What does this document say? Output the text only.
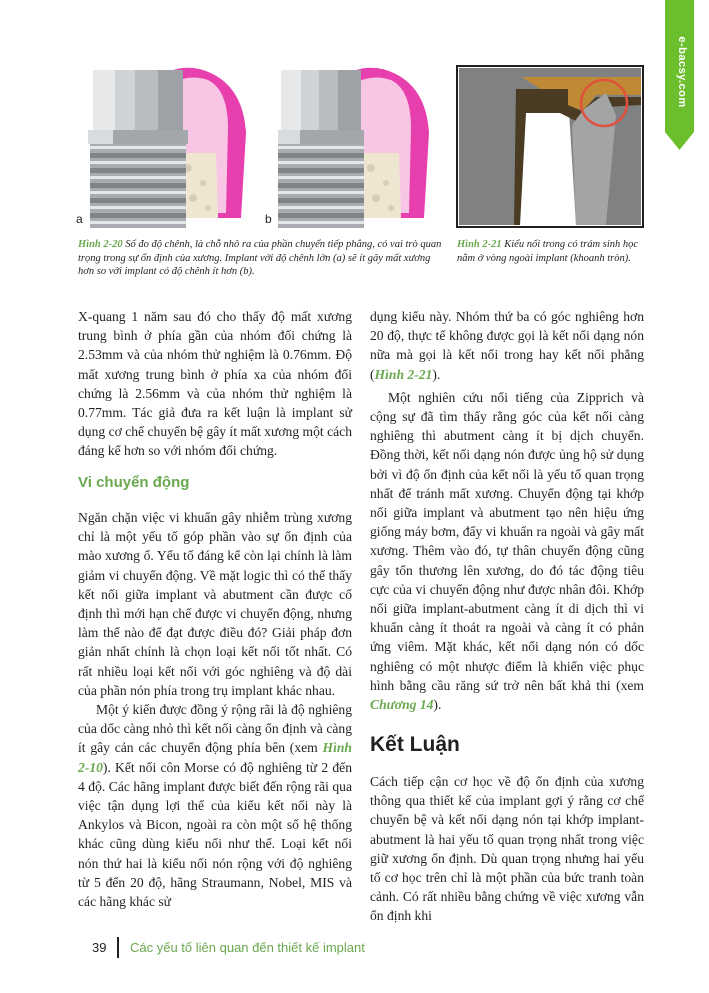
e-bacsy.com
a	b
Hình 2-20 Số đo độ chênh, là chỗ nhô ra của phần chuyển tiếp phẳng, có vai trò quan trọng trong sự ổn định của xương. Implant với độ chênh lớn (a) sẽ ít gây mất xương hơn so với implant có độ chênh ít hơn (b).
Hình 2-21 Kiểu nối trong có trám sinh học nằm ở vòng ngoài implant (khoanh tròn).

X-quang 1 năm sau đó cho thấy độ mất xương trung bình ở phía gần của nhóm đối chứng là 2.53mm và của nhóm thử nghiệm là 0.76mm. Độ mất xương trung bình ở phía xa của nhóm đối chứng là 2.56mm và của nhóm thử nghiệm là 0.77mm. Tác giả đưa ra kết luận là implant sử dụng cơ chế chuyển bệ gây ít mất xương một cách đáng kể hơn so với nhóm đối chứng.

Vi chuyển động

Ngăn chặn việc vi khuẩn gây nhiễm trùng xương chỉ là một yếu tố góp phần vào sự ổn định của mào xương ổ. Yếu tố đáng kể còn lại chính là làm giảm vi chuyển động. Về mặt logic thì có thể thấy kết nối giữa implant và abutment cần được cố định thì mới hạn chế được vi chuyển động, nhưng làm thế nào để đạt được điều đó? Giải pháp đơn giản nhất chính là chọn loại kết nối tốt nhất. Có rất nhiều loại kết nối với góc nghiêng và độ dài của phần nón phía trong trụ implant khác nhau.

Một ý kiến được đồng ý rộng rãi là độ nghiêng của dốc càng nhỏ thì kết nối càng ổn định và càng ít gây cản các chuyển động phía bên (xem Hình 2-10). Kết nối côn Morse có độ nghiêng từ 2 đến 4 độ. Các hãng implant được biết đến rộng rãi qua việc tận dụng lợi thế của kiểu kết nối này là Ankylos và Bicon, ngoài ra còn một số hệ thống khác cũng dùng kiểu nối như thế. Loại kết nối nón thứ hai là kiểu nối nón rộng với độ nghiêng từ 5 đến 20 độ, hãng Straumann, Nobel, MIS và các hãng khác sử

dụng kiểu này. Nhóm thứ ba có góc nghiêng hơn 20 độ, thực tế không được gọi là kết nối dạng nón nữa mà gọi là kết nối trong hay kết nối phẳng (Hình 2-21).

Một nghiên cứu nổi tiếng của Zipprich và cộng sự đã tìm thấy rằng góc của kết nối càng nghiêng thì abutment càng ít bị dịch chuyển. Đồng thời, kết nối dạng nón được ủng hộ sử dụng bởi vì độ ổn định của kết nối là yếu tố quan trọng nhất để tránh mất xương. Chuyển động tại khớp nối giữa implant và abutment tạo nên hiệu ứng giống máy bơm, đẩy vi khuẩn ra ngoài và gây mất xương. Thêm vào đó, tự thân chuyển động cũng gây tổn thương lên xương, do đó tác động tiêu cực của vi chuyển động như được nhân đôi. Khớp nối giữa implant-abutment càng ít di dịch thì vi khuẩn càng ít thoát ra ngoài và càng ít có phản ứng viêm. Mặt khác, kết nối dạng nón có dốc nghiêng có một nhược điểm là khiến việc phục hình bằng cầu răng sứ trở nên bất khả thi (xem Chương 14).

Kết Luận

Cách tiếp cận cơ học về độ ổn định của xương thông qua thiết kế của implant gợi ý rằng cơ chế chuyển bệ và kết nối dạng nón tại khớp implant-abutment là hai yếu tố quan trọng nhất trong việc giữ xương ổn định. Dù quan trọng nhưng hai yếu tố cơ học trên chỉ là một phần của bức tranh toàn cảnh. Có rất nhiều bằng chứng về việc xương vẫn ổn định khi

39 Các yếu tố liên quan đến thiết kế implant
